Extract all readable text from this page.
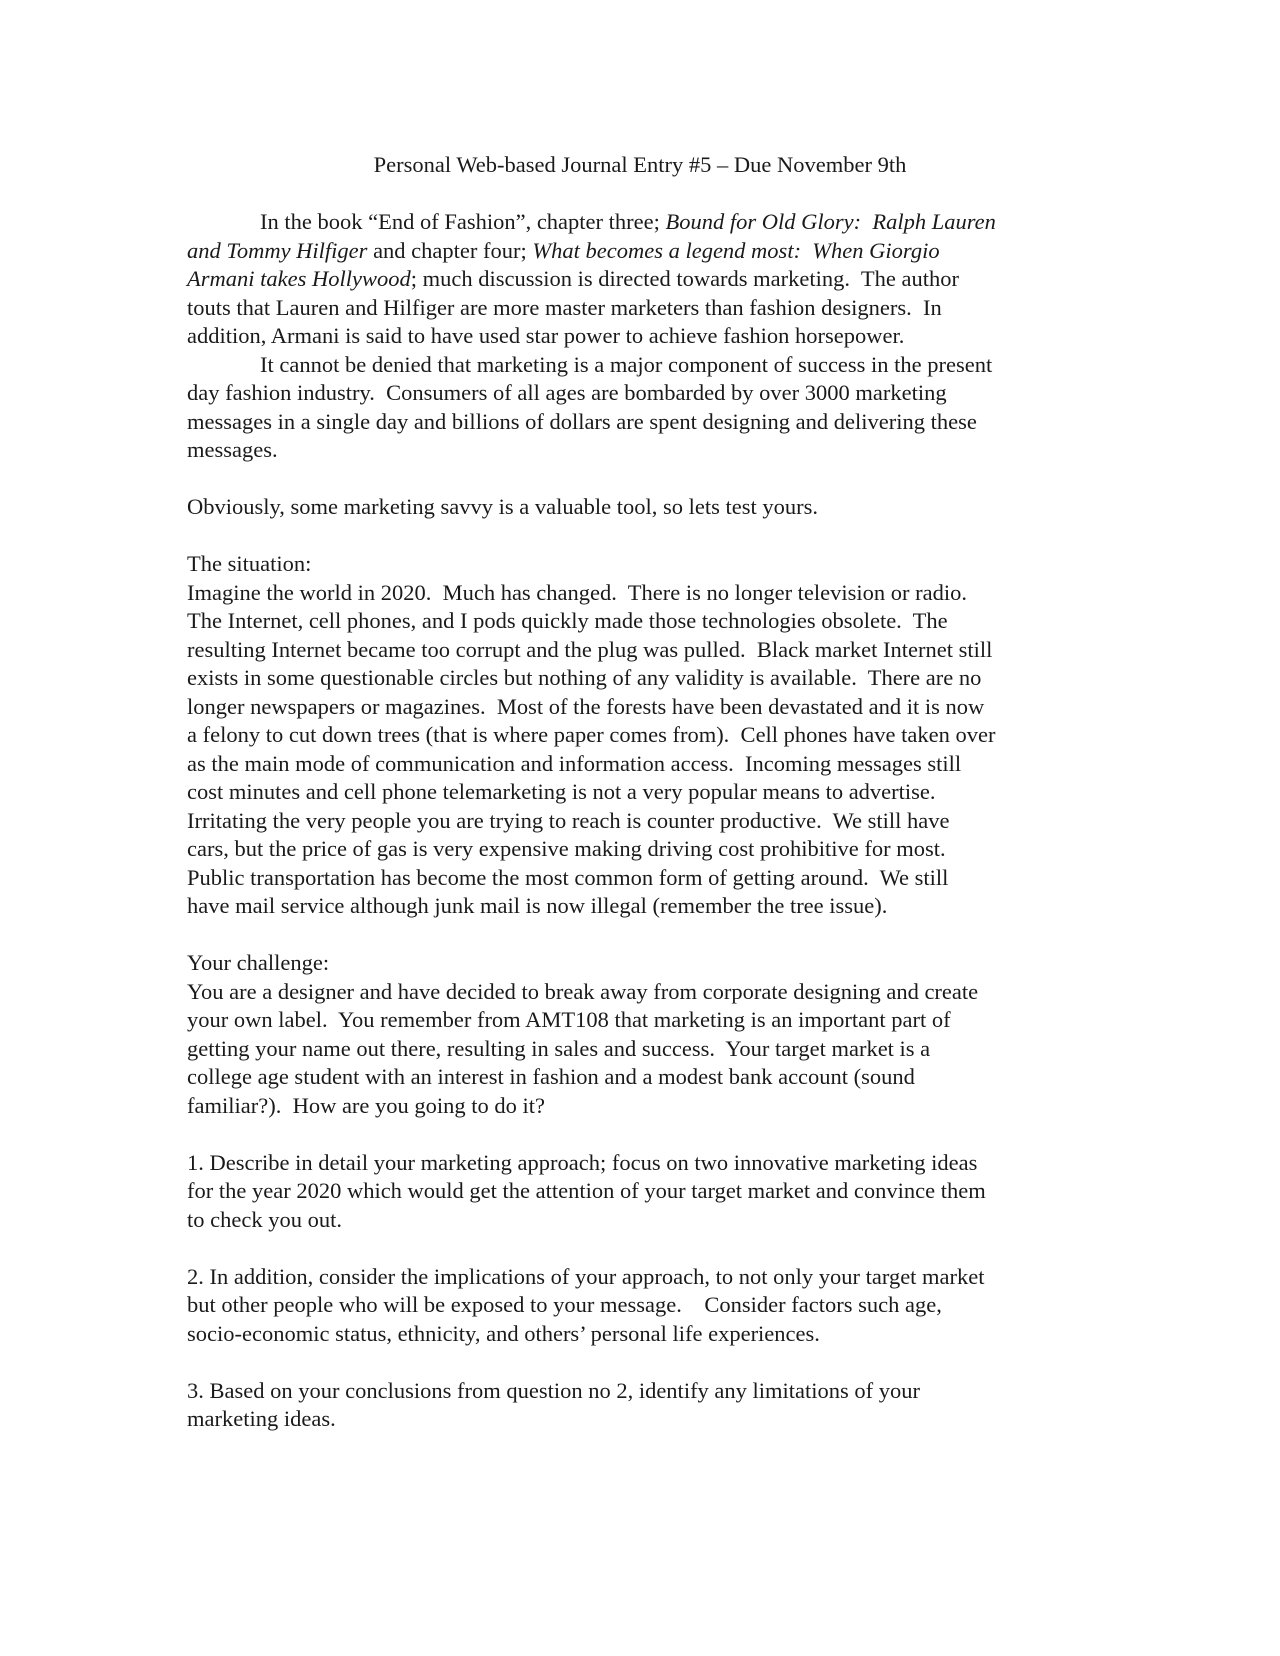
Personal Web-based Journal Entry #5 – Due November 9th
In the book “End of Fashion”, chapter three; Bound for Old Glory:  Ralph Lauren
and Tommy Hilfiger and chapter four; What becomes a legend most:  When Giorgio
Armani takes Hollywood; much discussion is directed towards marketing.  The author
touts that Lauren and Hilfiger are more master marketers than fashion designers.  In
addition, Armani is said to have used star power to achieve fashion horsepower.
It cannot be denied that marketing is a major component of success in the present
day fashion industry.  Consumers of all ages are bombarded by over 3000 marketing
messages in a single day and billions of dollars are spent designing and delivering these
messages.
Obviously, some marketing savvy is a valuable tool, so lets test yours.
The situation:
Imagine the world in 2020.  Much has changed.  There is no longer television or radio.
The Internet, cell phones, and I pods quickly made those technologies obsolete.  The
resulting Internet became too corrupt and the plug was pulled.  Black market Internet still
exists in some questionable circles but nothing of any validity is available.  There are no
longer newspapers or magazines.  Most of the forests have been devastated and it is now
a felony to cut down trees (that is where paper comes from).  Cell phones have taken over
as the main mode of communication and information access.  Incoming messages still
cost minutes and cell phone telemarketing is not a very popular means to advertise.
Irritating the very people you are trying to reach is counter productive.  We still have
cars, but the price of gas is very expensive making driving cost prohibitive for most.
Public transportation has become the most common form of getting around.  We still
have mail service although junk mail is now illegal (remember the tree issue).
Your challenge:
You are a designer and have decided to break away from corporate designing and create
your own label.  You remember from AMT108 that marketing is an important part of
getting your name out there, resulting in sales and success.  Your target market is a
college age student with an interest in fashion and a modest bank account (sound
familiar?).  How are you going to do it?
1. Describe in detail your marketing approach; focus on two innovative marketing ideas
for the year 2020 which would get the attention of your target market and convince them
to check you out.
2. In addition, consider the implications of your approach, to not only your target market
but other people who will be exposed to your message.    Consider factors such age,
socio-economic status, ethnicity, and others’ personal life experiences.
3. Based on your conclusions from question no 2, identify any limitations of your
marketing ideas.
